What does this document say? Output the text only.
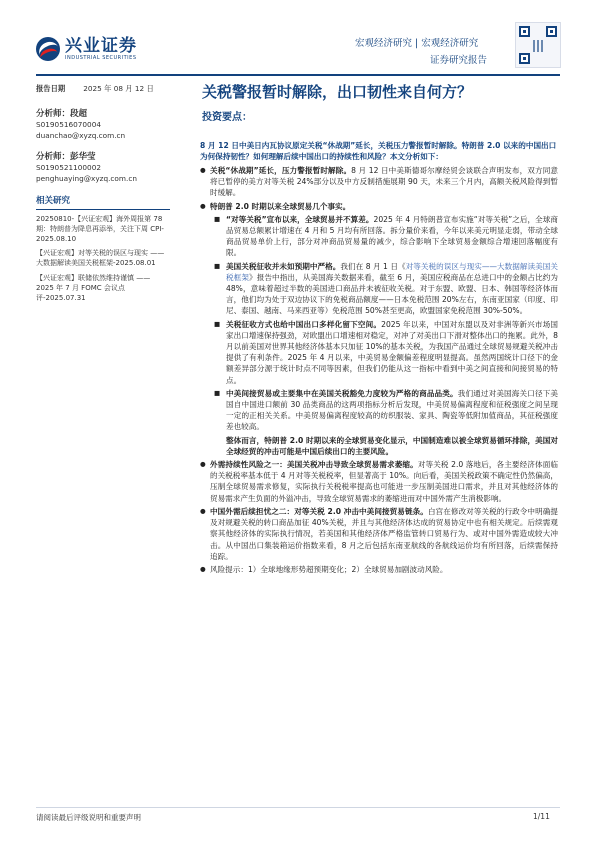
兴业证券
INDUSTRIAL SECURITIES
宏观经济研究 | 宏观经济研究
证券研究报告
报告日期 2025 年 08 月 12 日
分析师：段超
S0190516070004
duanchao@xyzq.com.cn
分析师：彭华莹
S0190521100002
penghuaying@xyzq.com.cn
相关研究
20250810-【兴证宏观】海外周报第 78 期：特朗普为降息再添举，关注下周 CPI-2025.08.10
【兴证宏观】对等关税的误区与现实 ——大数据解读美国关税框架-2025.08.01
【兴证宏观】联储依然维持谨慎 —— 2025 年 7 月 FOMC 会议点评-2025.07.31
关税警报暂时解除，出口韧性来自何方？
投资要点：
8 月 12 日中美日内瓦协议原定关税“休战期”延长，关税压力警报暂时解除。特朗普 2.0 以来的中国出口为何保持韧性？如何理解后续中国出口的持续性和风险？本文分析如下：
● 关税“休战期”延长，压力警报暂时解除。8 月 12 日中美斯德哥尔摩经贸会谈联合声明发布，双方同意将已暂停的美方对等关税 24%部分以及中方反制措施展期 90 天，未来三个月内，高额关税风险得到暂时缓解。
● 特朗普 2.0 时期以来全球贸易几个事实。
■ “对等关税”宣布以来，全球贸易并不算差。2025 年 4 月特朗普宣布实施“对等关税”之后，全球商品贸易总额累计增速在 4 月和 5 月均有所回落。拆分量价来看，今年以来美元明显走弱，带动全球商品贸易单价上行，部分对冲商品贸易量的减少，综合影响下全球贸易金额综合增速回落幅度有限。
■ 美国关税征收并未如预期中严格。我们在 8 月 1 日《对等关税的误区与现实——大数据解读美国关税框架》报告中指出，从美国海关数据来看，截至 6 月，美国应税商品在总进口中的金额占比约为 48%，意味着超过半数的美国进口商品并未被征收关税。对于东盟、欧盟、日本、韩国等经济体而言，他们均为处于双边协议下的免税商品额度——日本免税范围 20%左右，东南亚国家（印度、印尼、泰国、越南、马来西亚等）免税范围 50%甚至更高，欧盟国家免税范围 30%-50%。
■ 关税征收方式也给中国出口多样化留下空间。2025 年以来，中国对东盟以及对非洲等新兴市场国家出口增速保持强劲，对欧盟出口增速相对稳定，对冲了对美出口下滑对整体出口的拖累。此外，8 月以前美国对世界其他经济体基本只加征 10%的基本关税，为我国产品通过全球贸易规避关税冲击提供了有利条件。2025 年 4 月以来，中美贸易金额偏差程度明显提高。虽然两国统计口径下的金额差异部分源于统计时点不同等因素，但我们仍能从这一指标中看到中美之间直接和间接贸易的特点。
■ 中美间接贸易或主要集中在美国关税豁免力度较为严格的商品品类。我们通过对美国海关口径下美国自中国进口额前 30 品类商品的这两项指标分析后发现，中美贸易偏离程度和征税强度之间呈现一定的正相关关系。中美贸易偏离程度较高的纺织服装、家具、陶瓷等低附加值商品，其征税强度差也较高。
整体而言，特朗普 2.0 时期以来的全球贸易变化显示，中国制造难以被全球贸易循环排除，美国对全球经贸的冲击可能是中国后续出口的主要风险。
● 外需持续性风险之一：美国关税冲击导致全球贸易需求萎缩。对等关税 2.0 落地后，各主要经济体面临的关税税率基本低于 4 月对等关税税率，但显著高于 10%。向后看，美国关税政策不确定性仍然偏高，压制全球贸易需求修复，实际执行关税税率提高也可能进一步压制美国进口需求，并且对其他经济体的贸易需求产生负面的外溢冲击，导致全球贸易需求的萎缩进而对中国外需产生消极影响。
● 中国外需后续担忧之二：对等关税 2.0 冲击中美间接贸易链条。白宫在修改对等关税的行政令中明确提及对规避关税的转口商品加征 40%关税，并且与其他经济体达成的贸易协定中也有相关规定。后续需观察其他经济体的实际执行情况，若美国和其他经济体严格监管转口贸易行为、或对中国外需造成较大冲击。从中国出口集装箱运价指数来看，8 月之后包括东南亚航线的各航线运价均有所回落，后续需保持追踪。
● 风险提示：1）全球地缘形势超预期变化；2）全球贸易加剧波动风险。
请阅读最后评级说明和重要声明	1/11
